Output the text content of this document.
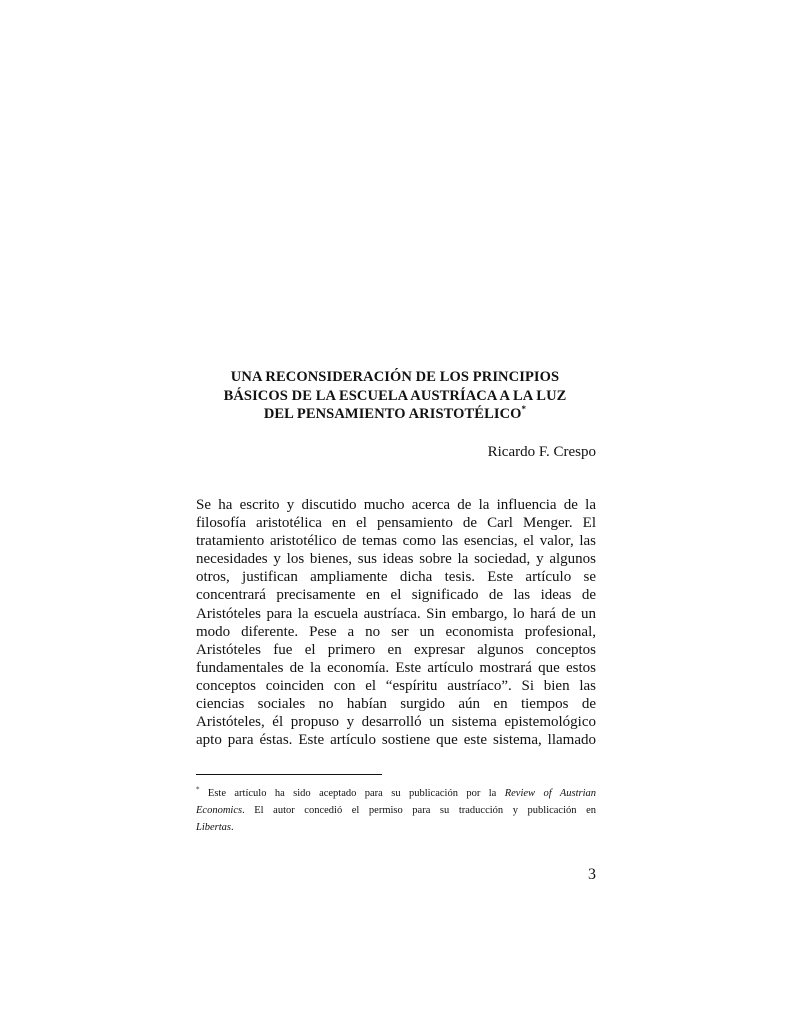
UNA RECONSIDERACIÓN DE LOS PRINCIPIOS
BÁSICOS DE LA ESCUELA AUSTRÍACA A LA LUZ
DEL PENSAMIENTO ARISTOTÉLICO*
Ricardo F. Crespo
Se ha escrito y discutido mucho acerca de la influencia de la
filosofía aristotélica en el pensamiento de Carl Menger. El
tratamiento aristotélico de temas como las esencias, el valor, las
necesidades y los bienes, sus ideas sobre la sociedad, y algunos
otros, justifican ampliamente dicha tesis. Este artículo se
concentrará precisamente en el significado de las ideas de
Aristóteles para la escuela austríaca. Sin embargo, lo hará de un
modo diferente. Pese a no ser un economista profesional,
Aristóteles fue el primero en expresar algunos conceptos
fundamentales de la economía. Este artículo mostrará que estos
conceptos coinciden con el “espíritu austríaco”. Si bien las
ciencias sociales no habían surgido aún en tiempos de
Aristóteles, él propuso y desarrolló un sistema epistemológico
apto para éstas. Este artículo sostiene que este sistema, llamado
* Este artículo ha sido aceptado para su publicación por la Review of Austrian
Economics. El autor concedió el permiso para su traducción y publicación en
Libertas.
3
